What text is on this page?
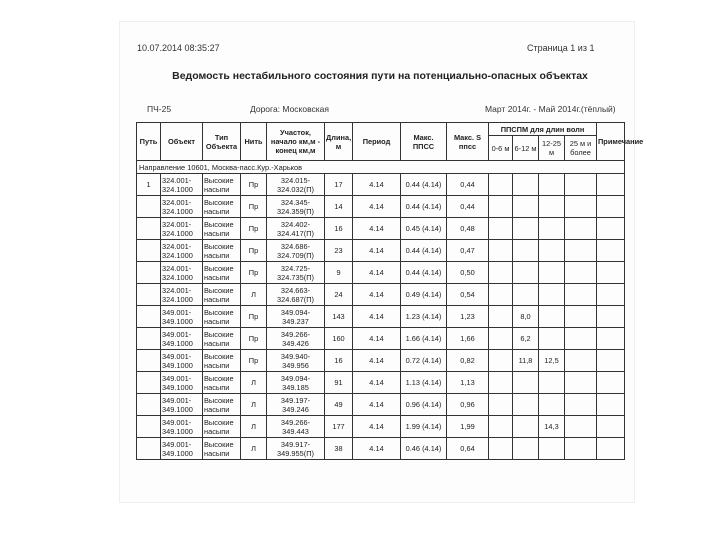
10.07.2014 08:35:27	Страница 1 из 1
Ведомость нестабильного состояния пути на потенциально-опасных объектах
ПЧ-25	Дорога: Московская	Март 2014г. - Май 2014г.(тёплый)
Путь	Объект	Тип Объекта	Нить	Участок, начало км,м - конец км,м	Длина, м	Период	Макс. ППСС	Макс. S ппсс	ППСПМ для длин волн				Примечание
									0-6 м	6-12 м	12-25 м	25 м и более	
Направление 10601, Москва-пасс.Кур.-Харьков													
1	324.001-324.1000	Высокие насыпи	Пр	324.015-324.032(П)	17	4.14	0.44 (4.14)	0,44					
	324.001-324.1000	Высокие насыпи	Пр	324.345-324.359(П)	14	4.14	0.44 (4.14)	0,44					
	324.001-324.1000	Высокие насыпи	Пр	324.402-324.417(П)	16	4.14	0.45 (4.14)	0,48					
	324.001-324.1000	Высокие насыпи	Пр	324.686-324.709(П)	23	4.14	0.44 (4.14)	0,47					
	324.001-324.1000	Высокие насыпи	Пр	324.725-324.735(П)	9	4.14	0.44 (4.14)	0,50					
	324.001-324.1000	Высокие насыпи	Л	324.663-324.687(П)	24	4.14	0.49 (4.14)	0,54					
	349.001-349.1000	Высокие насыпи	Пр	349.094-349.237	143	4.14	1.23 (4.14)	1,23		8,0			
	349.001-349.1000	Высокие насыпи	Пр	349.266-349.426	160	4.14	1.66 (4.14)	1,66		6,2			
	349.001-349.1000	Высокие насыпи	Пр	349.940-349.956	16	4.14	0.72 (4.14)	0,82		11,8	12,5		
	349.001-349.1000	Высокие насыпи	Л	349.094-349.185	91	4.14	1.13 (4.14)	1,13					
	349.001-349.1000	Высокие насыпи	Л	349.197-349.246	49	4.14	0.96 (4.14)	0,96					
	349.001-349.1000	Высокие насыпи	Л	349.266-349.443	177	4.14	1.99 (4.14)	1,99			14,3		
	349.001-349.1000	Высокие насыпи	Л	349.917-349.955(П)	38	4.14	0.46 (4.14)	0,64					
